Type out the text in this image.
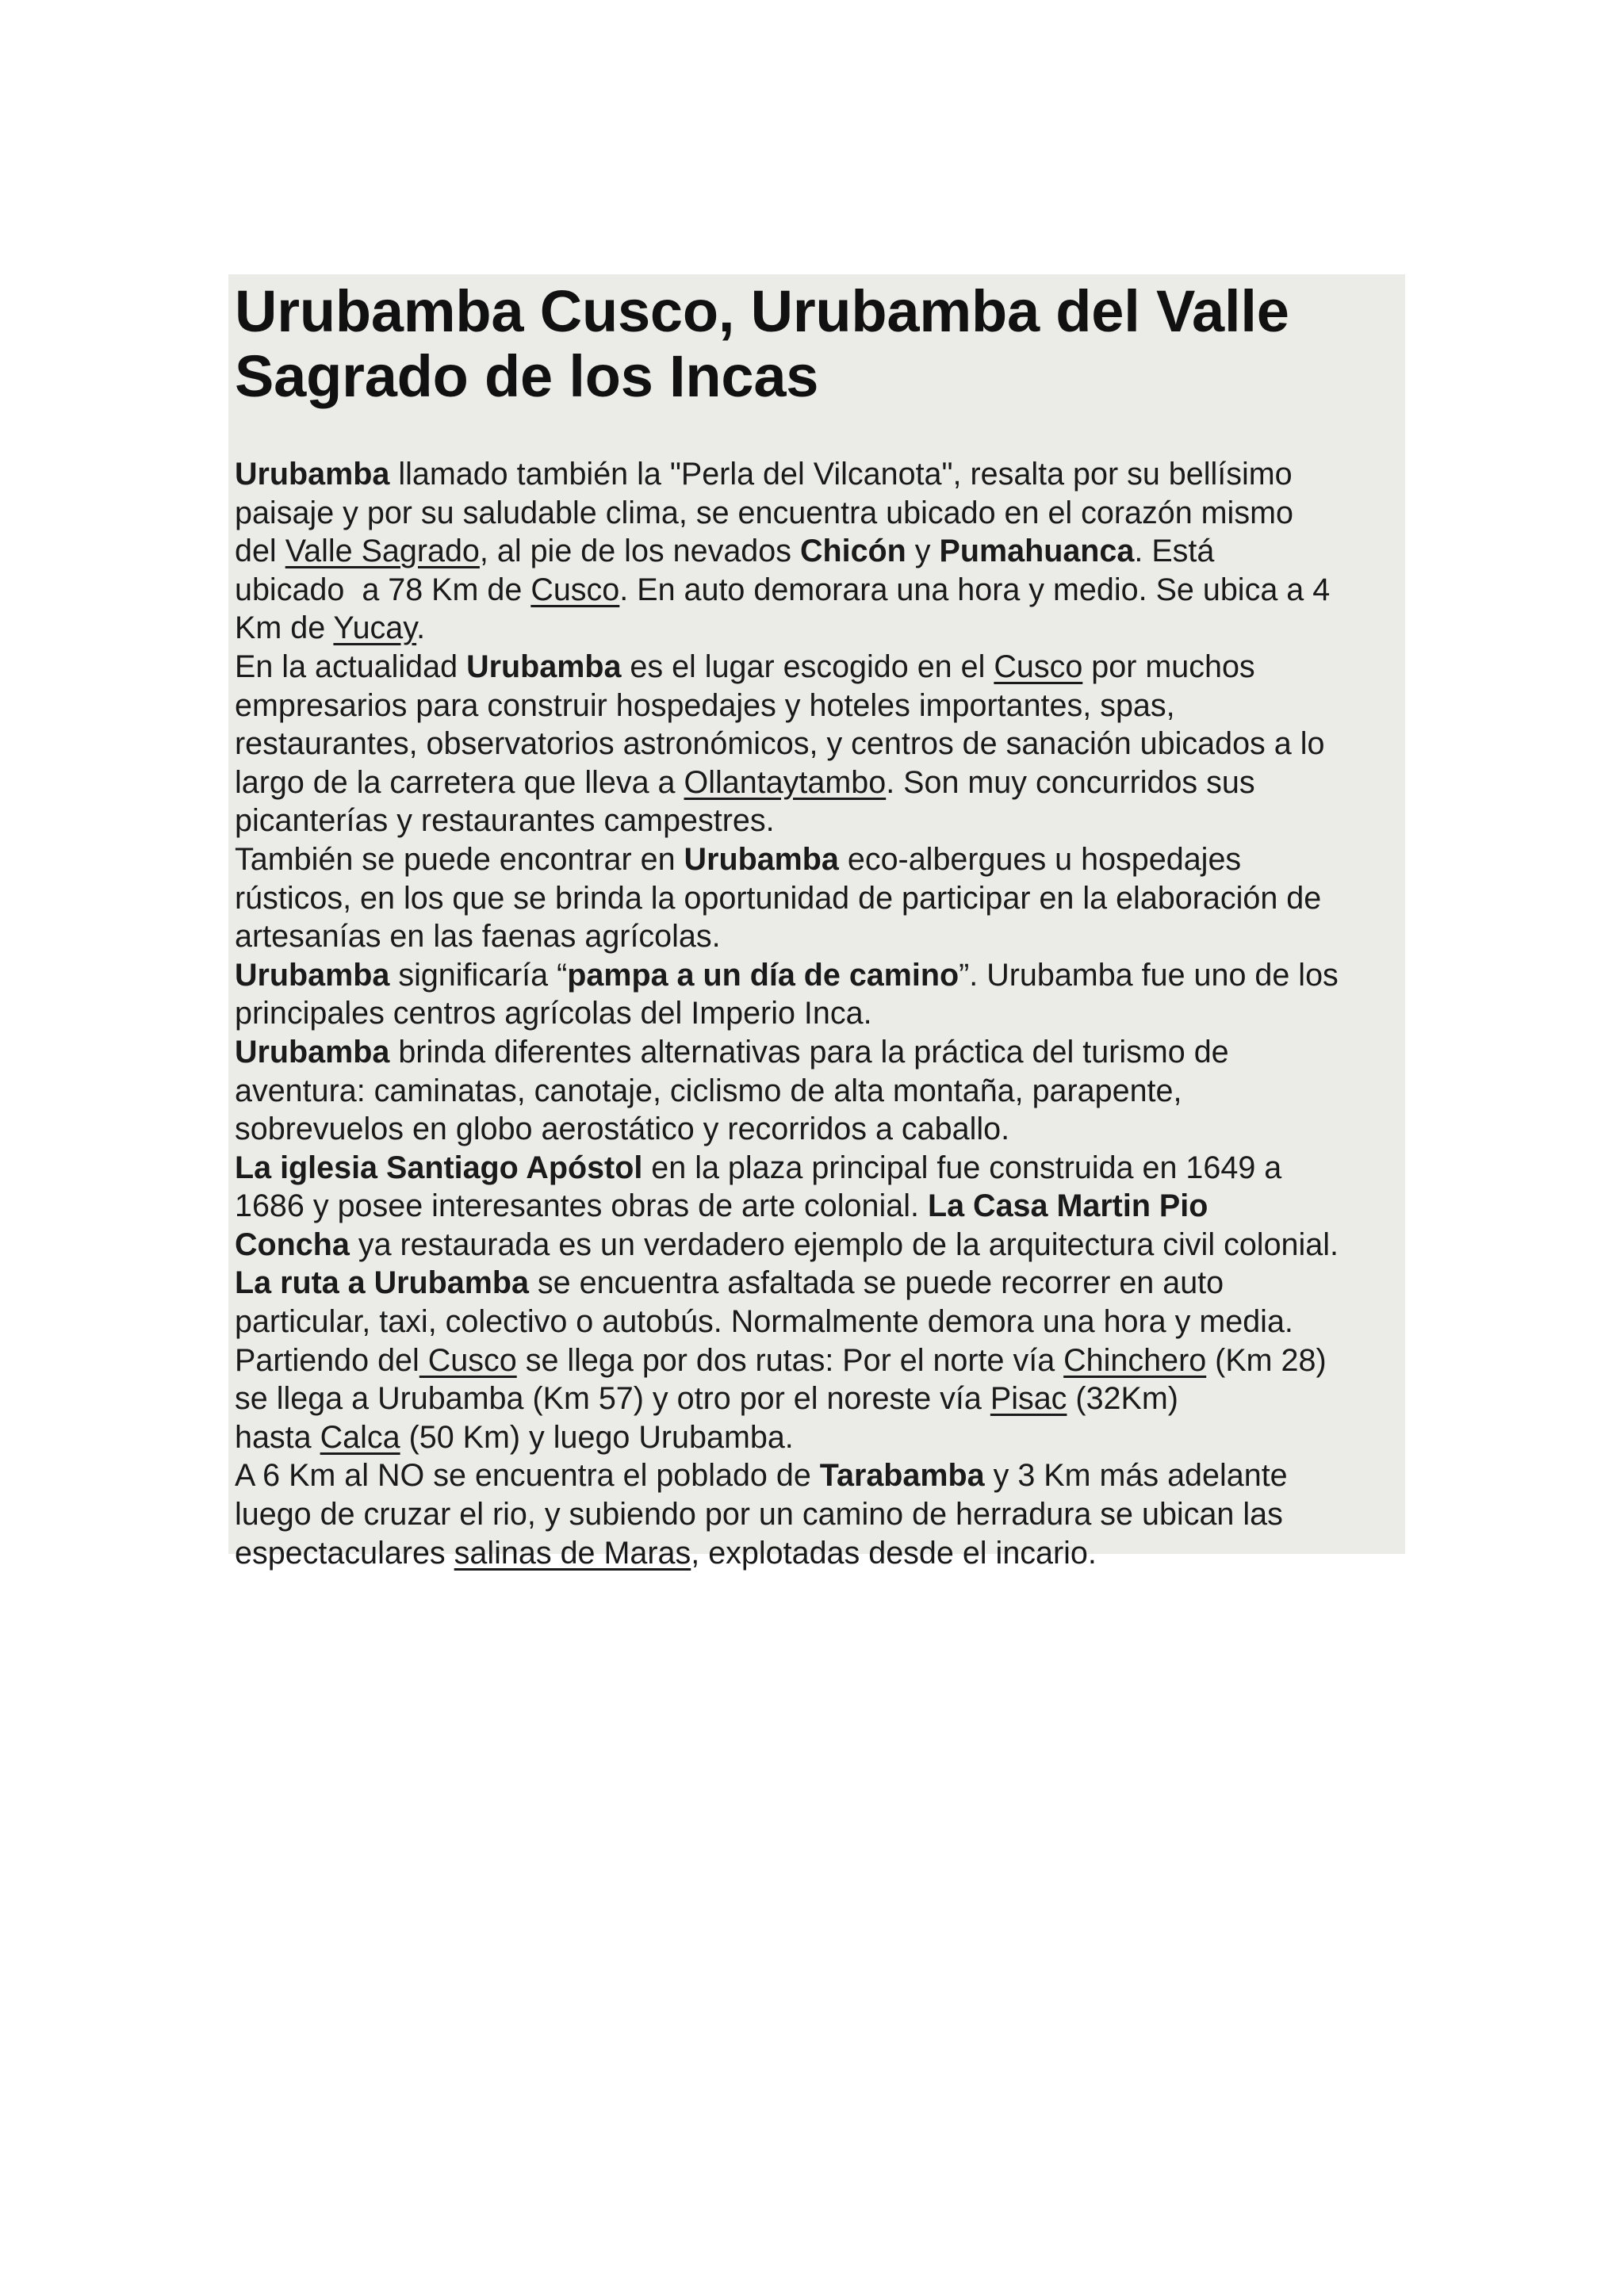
Urubamba Cusco, Urubamba del Valle
Sagrado de los Incas
Urubamba llamado también la "Perla del Vilcanota", resalta por su bellísimo
paisaje y por su saludable clima, se encuentra ubicado en el corazón mismo
del Valle Sagrado, al pie de los nevados Chicón y Pumahuanca. Está
ubicado  a 78 Km de Cusco. En auto demorara una hora y medio. Se ubica a 4
Km de Yucay.
En la actualidad Urubamba es el lugar escogido en el Cusco por muchos
empresarios para construir hospedajes y hoteles importantes, spas,
restaurantes, observatorios astronómicos, y centros de sanación ubicados a lo
largo de la carretera que lleva a Ollantaytambo. Son muy concurridos sus
picanterías y restaurantes campestres.
También se puede encontrar en Urubamba eco-albergues u hospedajes
rústicos, en los que se brinda la oportunidad de participar en la elaboración de
artesanías en las faenas agrícolas.
Urubamba significaría “pampa a un día de camino”. Urubamba fue uno de los
principales centros agrícolas del Imperio Inca.
Urubamba brinda diferentes alternativas para la práctica del turismo de
aventura: caminatas, canotaje, ciclismo de alta montaña, parapente,
sobrevuelos en globo aerostático y recorridos a caballo.
La iglesia Santiago Apóstol en la plaza principal fue construida en 1649 a
1686 y posee interesantes obras de arte colonial. La Casa Martin Pio
Concha ya restaurada es un verdadero ejemplo de la arquitectura civil colonial.
La ruta a Urubamba se encuentra asfaltada se puede recorrer en auto
particular, taxi, colectivo o autobús. Normalmente demora una hora y media.
Partiendo del Cusco se llega por dos rutas: Por el norte vía Chinchero (Km 28)
se llega a Urubamba (Km 57) y otro por el noreste vía Pisac (32Km)
hasta Calca (50 Km) y luego Urubamba.
A 6 Km al NO se encuentra el poblado de Tarabamba y 3 Km más adelante
luego de cruzar el rio, y subiendo por un camino de herradura se ubican las
espectaculares salinas de Maras, explotadas desde el incario.
